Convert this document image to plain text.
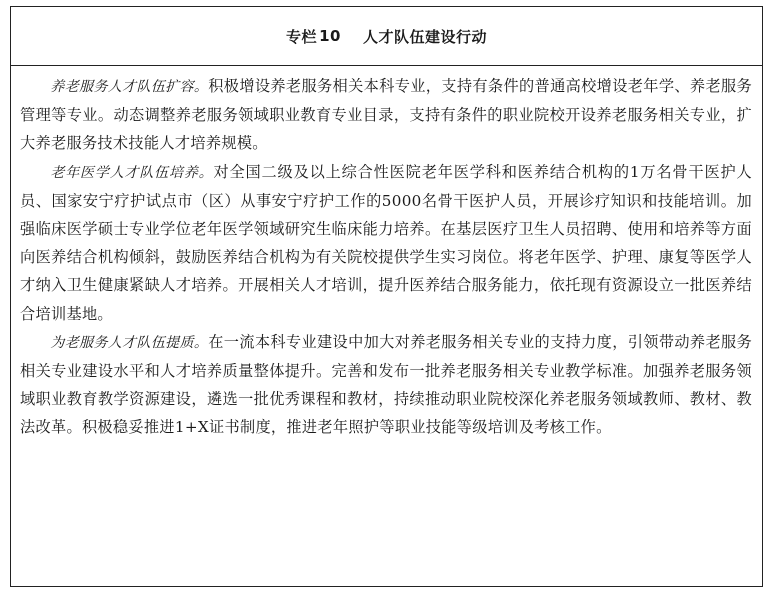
专栏 10 人才队伍建设行动

养老服务人才队伍扩容。积极增设养老服务相关本科专业，支持有条件的普通高校增设老年学、养老服务管理等专业。动态调整养老服务领域职业教育专业目录，支持有条件的职业院校开设养老服务相关专业，扩大养老服务技术技能人才培养规模。

老年医学人才队伍培养。对全国二级及以上综合性医院老年医学科和医养结合机构的1万名骨干医护人员、国家安宁疗护试点市（区）从事安宁疗护工作的5000名骨干医护人员，开展诊疗知识和技能培训。加强临床医学硕士专业学位老年医学领域研究生临床能力培养。在基层医疗卫生人员招聘、使用和培养等方面向医养结合机构倾斜，鼓励医养结合机构为有关院校提供学生实习岗位。将老年医学、护理、康复等医学人才纳入卫生健康紧缺人才培养。开展相关人才培训，提升医养结合服务能力，依托现有资源设立一批医养结合培训基地。

为老服务人才队伍提质。在一流本科专业建设中加大对养老服务相关专业的支持力度，引领带动养老服务相关专业建设水平和人才培养质量整体提升。完善和发布一批养老服务相关专业教学标准。加强养老服务领域职业教育教学资源建设，遴选一批优秀课程和教材，持续推动职业院校深化养老服务领域教师、教材、教法改革。积极稳妥推进1+X证书制度，推进老年照护等职业技能等级培训及考核工作。
